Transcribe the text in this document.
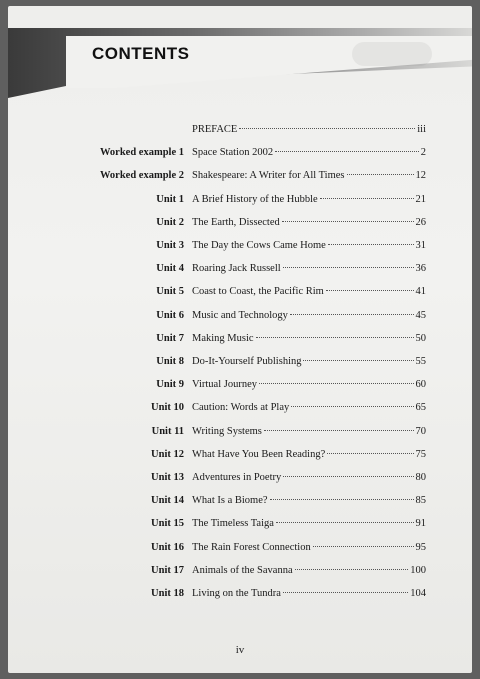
CONTENTS
PREFACE	iii
Worked example 1 Space Station 2002	2
Worked example 2 Shakespeare: A Writer for All Times	12
Unit 1 A Brief History of the Hubble	21
Unit 2 The Earth, Dissected	26
Unit 3 The Day the Cows Came Home	31
Unit 4 Roaring Jack Russell	36
Unit 5 Coast to Coast, the Pacific Rim	41
Unit 6 Music and Technology	45
Unit 7 Making Music	50
Unit 8 Do-It-Yourself Publishing	55
Unit 9 Virtual Journey	60
Unit 10 Caution: Words at Play	65
Unit 11 Writing Systems	70
Unit 12 What Have You Been Reading?	75
Unit 13 Adventures in Poetry	80
Unit 14 What Is a Biome?	85
Unit 15 The Timeless Taiga	91
Unit 16 The Rain Forest Connection	95
Unit 17 Animals of the Savanna	100
Unit 18 Living on the Tundra	104
iv
